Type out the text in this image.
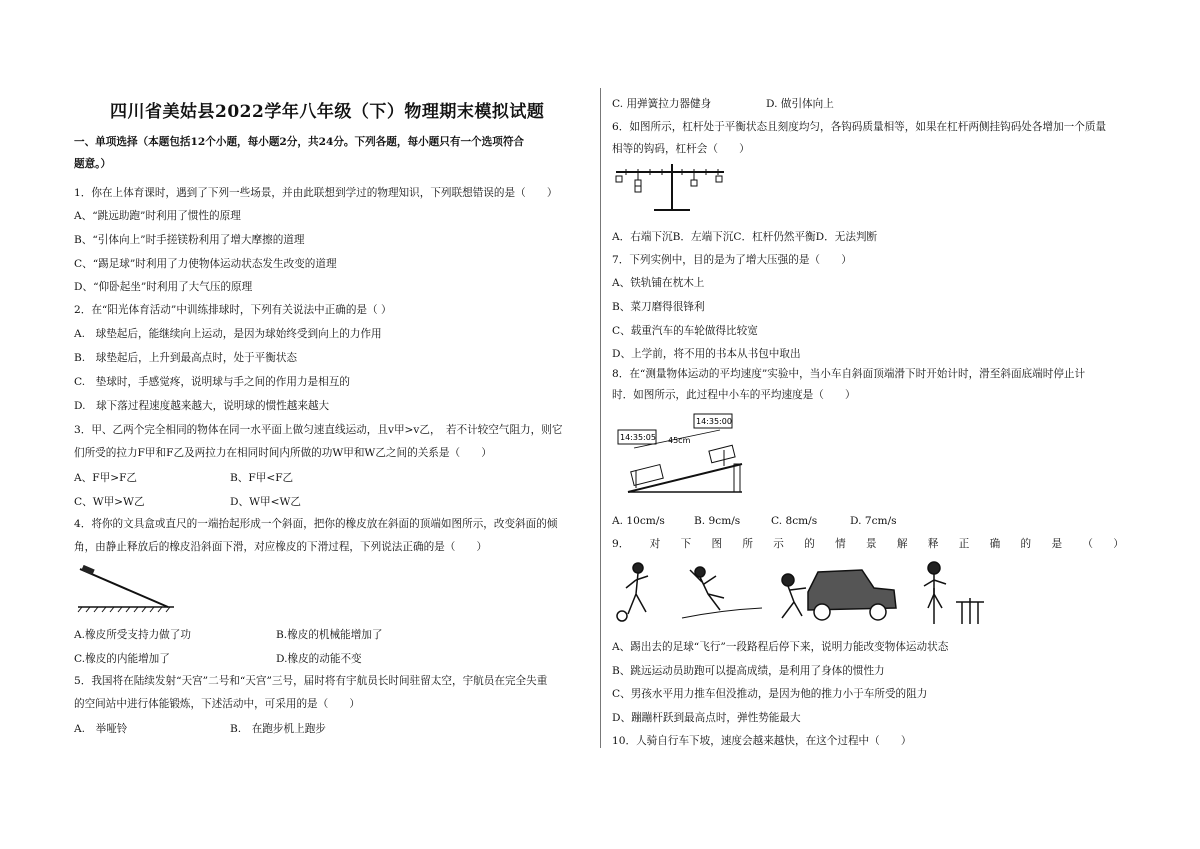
四川省美姑县2022学年八年级（下）物理期末模拟试题
一、单项选择（本题包括12个小题，每小题2分，共24分。下列各题，每小题只有一个选项符合
题意。）
1．你在上体育课时，遇到了下列一些场景，并由此联想到学过的物理知识，下列联想错误的是（　　）
A、“跳远助跑”时利用了惯性的原理
B、“引体向上”时手搓镁粉利用了增大摩擦的道理
C、“踢足球”时利用了力使物体运动状态发生改变的道理
D、“仰卧起坐”时利用了大气压的原理
2．在“阳光体育活动”中训练排球时，下列有关说法中正确的是（ ）
A.　球垫起后，能继续向上运动，是因为球始终受到向上的力作用
B.　球垫起后，上升到最高点时，处于平衡状态
C.　垫球时，手感觉疼，说明球与手之间的作用力是相互的
D.　球下落过程速度越来越大，说明球的惯性越来越大
3．甲、乙两个完全相同的物体在同一水平面上做匀速直线运动，且v甲>v乙，　若不计较空气阻力，则它
们所受的拉力F甲和F乙及两拉力在相同时间内所做的功W甲和W乙之间的关系是（　　）
A、F甲>F乙	B、F甲<F乙
C、W甲>W乙	D、W甲<W乙
4．将你的文具盒或直尺的一端抬起形成一个斜面，把你的橡皮放在斜面的顶端如图所示，改变斜面的倾
角，由静止释放后的橡皮沿斜面下滑，对应橡皮的下滑过程，下列说法正确的是（　　）
A.橡皮所受支持力做了功	B.橡皮的机械能增加了
C.橡皮的内能增加了	D.橡皮的动能不变
5．我国将在陆续发射“天宫”二号和“天宫”三号，届时将有宇航员长时间驻留太空，宇航员在完全失重
的空间站中进行体能锻炼，下述活动中，可采用的是（　　）
A.　举哑铃	B.　在跑步机上跑步
C. 用弹簧拉力器健身	D. 做引体向上
6．如图所示，杠杆处于平衡状态且刻度均匀，各钩码质量相等，如果在杠杆两侧挂钩码处各增加一个质量
相等的钩码，杠杆会（　　）
A．右端下沉B．左端下沉C．杠杆仍然平衡D．无法判断
7．下列实例中，目的是为了增大压强的是（　　）
A、铁轨铺在枕木上
B、菜刀磨得很锋利
C、载重汽车的车轮做得比较宽
D、上学前，将不用的书本从书包中取出
8．在“测量物体运动的平均速度”实验中，当小车自斜面顶端滑下时开始计时，滑至斜面底端时停止计
时．如图所示，此过程中小车的平均速度是（　　）
14:35:05
14:35:00
45cm
A. 10cm/s	B. 9cm/s	C. 8cm/s	D. 7cm/s
9． 对 下 图 所 示 的 情 景 解 释 正 确 的 是 （ ）
A、踢出去的足球“飞行”一段路程后停下来，说明力能改变物体运动状态
B、跳远运动员助跑可以提高成绩，是利用了身体的惯性力
C、男孩水平用力推车但没推动，是因为他的推力小于车所受的阻力
D、蹦蹦杆跃到最高点时，弹性势能最大
10．人骑自行车下坡，速度会越来越快，在这个过程中（　　）
